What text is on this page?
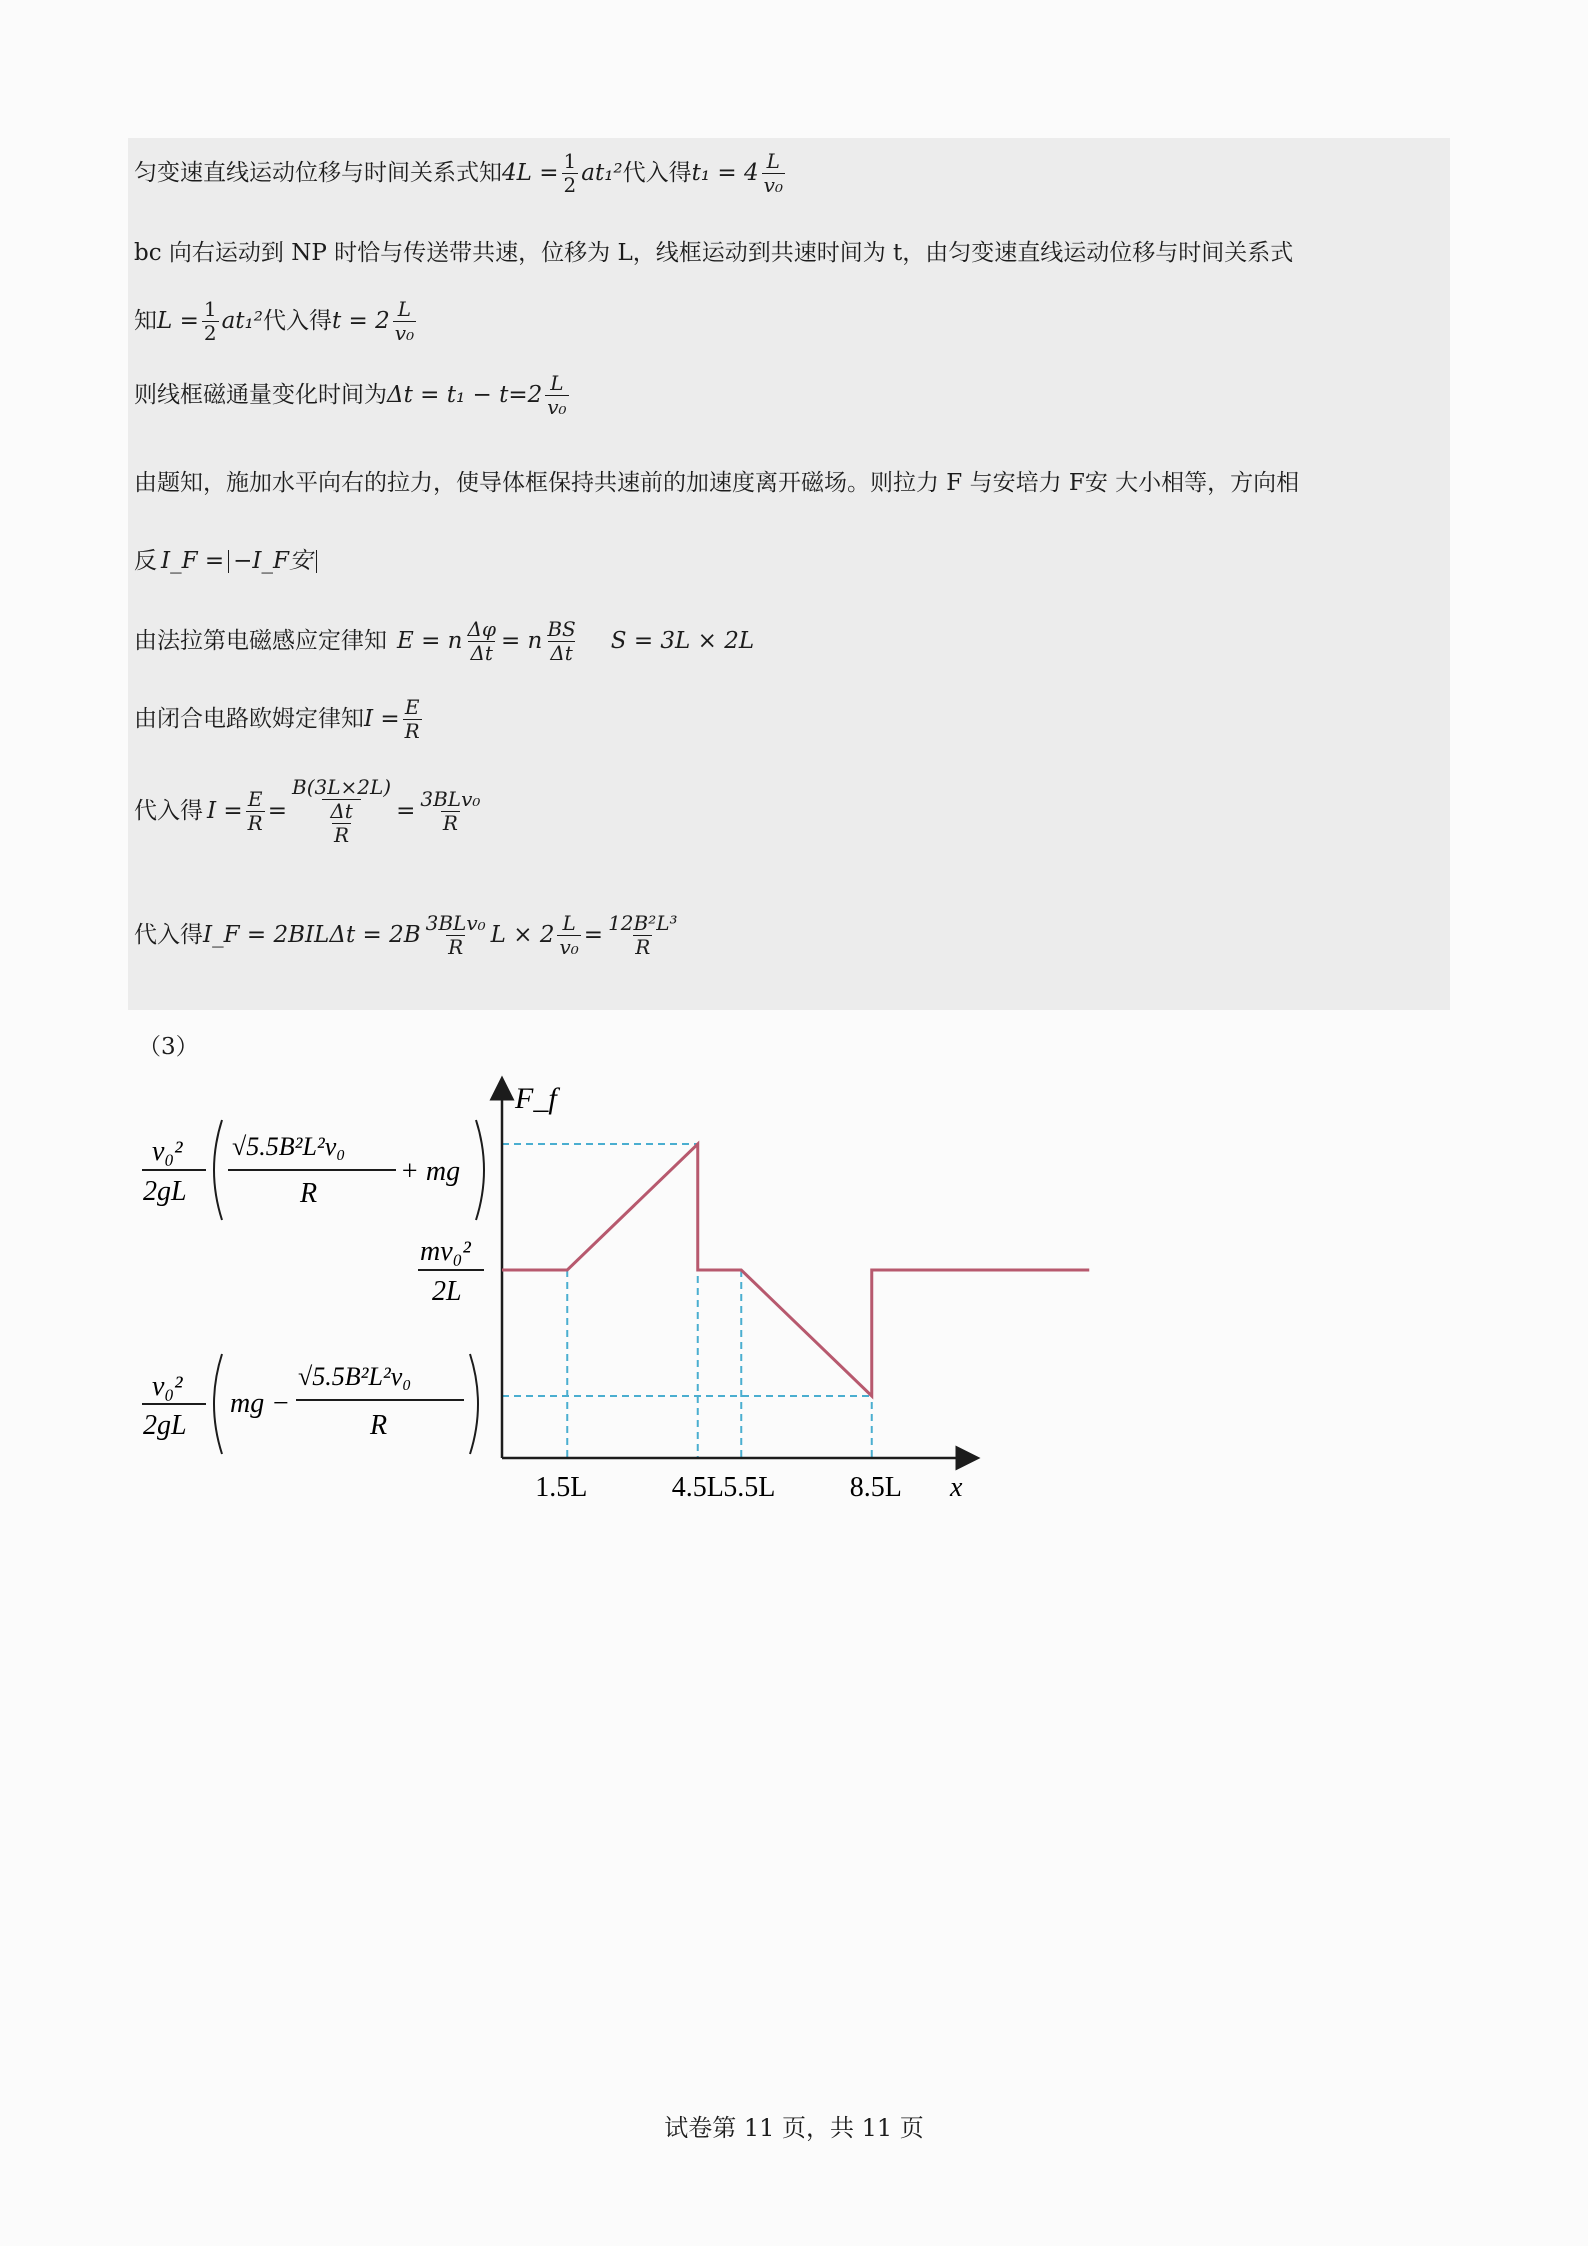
匀变速直线运动位移与时间关系式知 $4L = \frac{1}{2} at_1^2$ 代入得 $t_1 = 4 \frac{L}{\text{v₀}}$
bc 向右运动到 NP 时恰与传送带共速，位移为 L，线框运动到共速时间为 t，由匀变速直线运动位移与时间关系式
知 $L = \frac{1}{2} at_1^2$ 代入得 $t = 2 \frac{L}{\text{v₀}}$
则线框磁通量变化时间为 $\Delta t = t_1 - t=2 \frac{L}{\text{v₀}}$
由题知，施加水平向右的拉力，使导体框保持共速前的加速度离开磁场。则拉力 F 与安培力 F安 大小相等，方向相
反 I_F = −I_F安
由法拉第电磁感应定律知 E = n $\frac{\Delta\varphi}{\Delta t} = n \frac{BS}{\Delta t}$ S = 3L × 2L
由闭合电路欧姆定律知 $I = \frac{E}{R}$
代入得 $I = \frac{E}{R} = B(3L\times 2L)$
Δt
$R = \frac{\text{3BLv₀}}{R}$
代入得 I_F = $2BIL\Delta t = 2B \frac{\text{3BLv₀}}{R}$ $L \times 2 \frac{L}{\text{v₀}} = \frac{\text{12B²L³}}{R}$
（3）
1.5L	4.5L 5.5L	8.5L
F_f
x
v₀²
2gL
√5.5B²L²v₀
R
+ mg
mv₀²
2L
v₀²
2gL
mg −
√5.5B²L²v₀
R
试卷第 11 页，共 11 页
